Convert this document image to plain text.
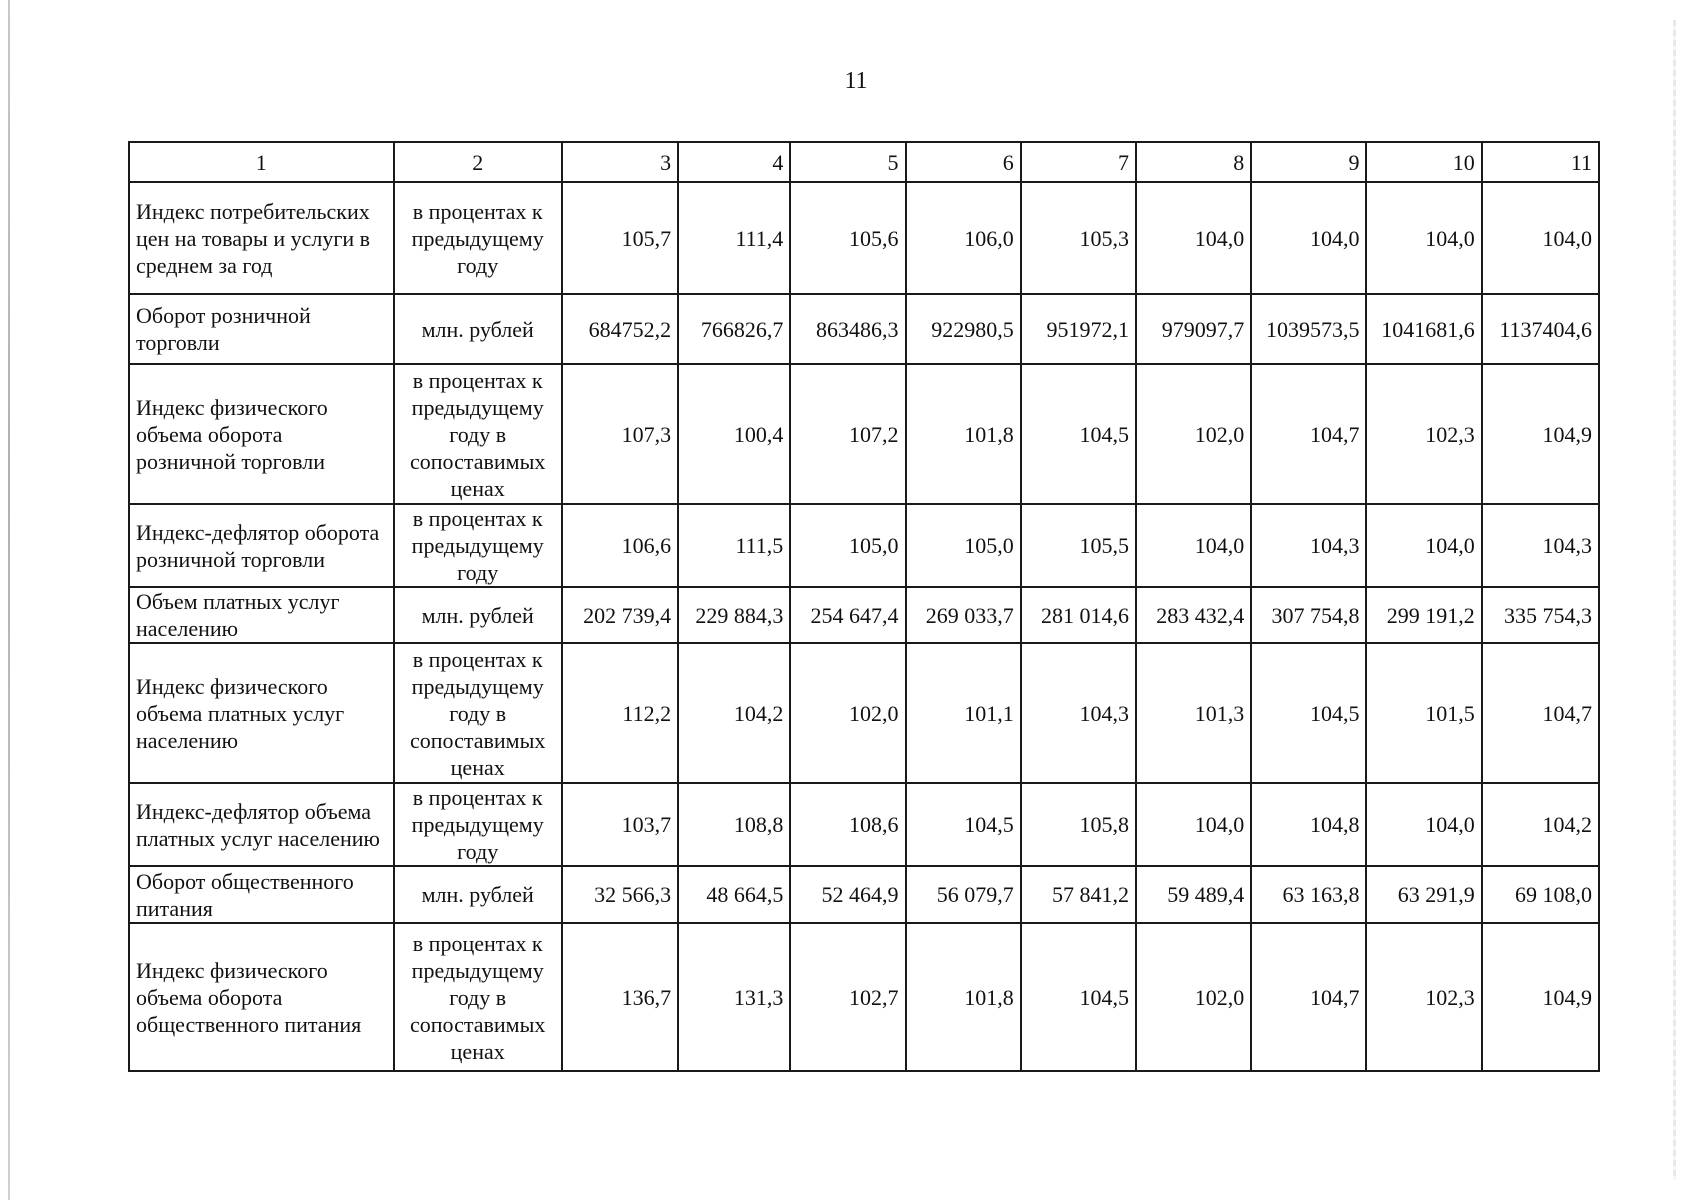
11
1	2	3	4	5	6	7	8	9	10	11
Индекс потребительских цен на товары и услуги в среднем за год	в процентах к предыдущему году	105,7	111,4	105,6	106,0	105,3	104,0	104,0	104,0	104,0
Оборот розничной торговли	млн. рублей	684752,2	766826,7	863486,3	922980,5	951972,1	979097,7	1039573,5	1041681,6	1137404,6
Индекс физического объема оборота розничной торговли	в процентах к предыдущему году в сопоставимых ценах	107,3	100,4	107,2	101,8	104,5	102,0	104,7	102,3	104,9
Индекс-дефлятор оборота розничной торговли	в процентах к предыдущему году	106,6	111,5	105,0	105,0	105,5	104,0	104,3	104,0	104,3
Объем платных услуг населению	млн. рублей	202 739,4	229 884,3	254 647,4	269 033,7	281 014,6	283 432,4	307 754,8	299 191,2	335 754,3
Индекс физического объема платных услуг населению	в процентах к предыдущему году в сопоставимых ценах	112,2	104,2	102,0	101,1	104,3	101,3	104,5	101,5	104,7
Индекс-дефлятор объема платных услуг населению	в процентах к предыдущему году	103,7	108,8	108,6	104,5	105,8	104,0	104,8	104,0	104,2
Оборот общественного питания	млн. рублей	32 566,3	48 664,5	52 464,9	56 079,7	57 841,2	59 489,4	63 163,8	63 291,9	69 108,0
Индекс физического объема оборота общественного питания	в процентах к предыдущему году в сопоставимых ценах	136,7	131,3	102,7	101,8	104,5	102,0	104,7	102,3	104,9
